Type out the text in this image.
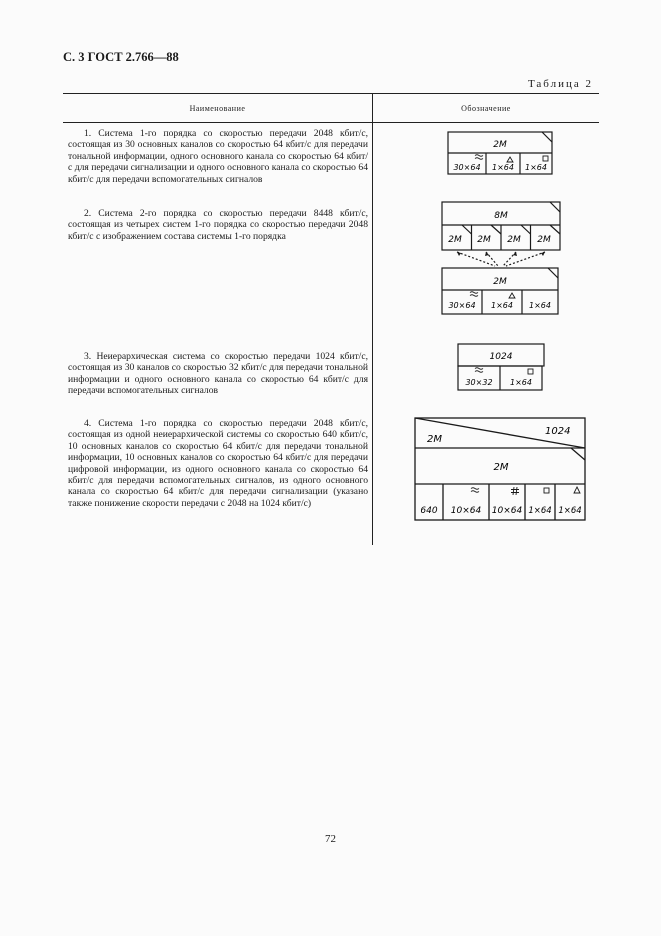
С. 3 ГОСТ 2.766—88
Таблица 2
Наименование	Обозначение

1. Система 1-го порядка со скоростью передачи 2048 кбит/с, состоящая из 30 основных каналов со скоростью 64 кбит/с для передачи тональной информации, одного основного канала со скоростью 64 кбит/с для передачи сигнализации и одного основного канала со скоростью 64 кбит/с для передачи вспомогательных сигналов

2. Система 2-го порядка со скоростью передачи 8448 кбит/с, состоящая из четырех систем 1-го порядка со скоростью передачи 2048 кбит/с с изображением состава системы 1-го порядка

3. Неиерархическая система со скоростью передачи 1024 кбит/с, состоящая из 30 каналов со скоростью 32 кбит/с для передачи тональной информации и одного основного канала со скоростью 64 кбит/с для передачи вспомогательных сигналов

4. Система 1-го порядка со скоростью передачи 2048 кбит/с, состоящая из одной неиерархической системы со скоростью 640 кбит/с, 10 основных каналов со скоростью 64 кбит/с для передачи тональной информации, 10 основных каналов со скоростью 64 кбит/с для передачи цифровой информации, из одного основного канала со скоростью 64 кбит/с для передачи вспомогательных сигналов, из одного основного канала со скоростью 64 кбит/с для передачи сигнализации (указано также понижение скорости передачи с 2048 на 1024 кбит/с)

2М
30×64 1×64 1×64
8М
2М 2М 2М 2М
2М
30×64 1×64 1×64
1024
30×32 1×64
2М
1024
2М
640 10×64 10×64 1×64 1×64
72
